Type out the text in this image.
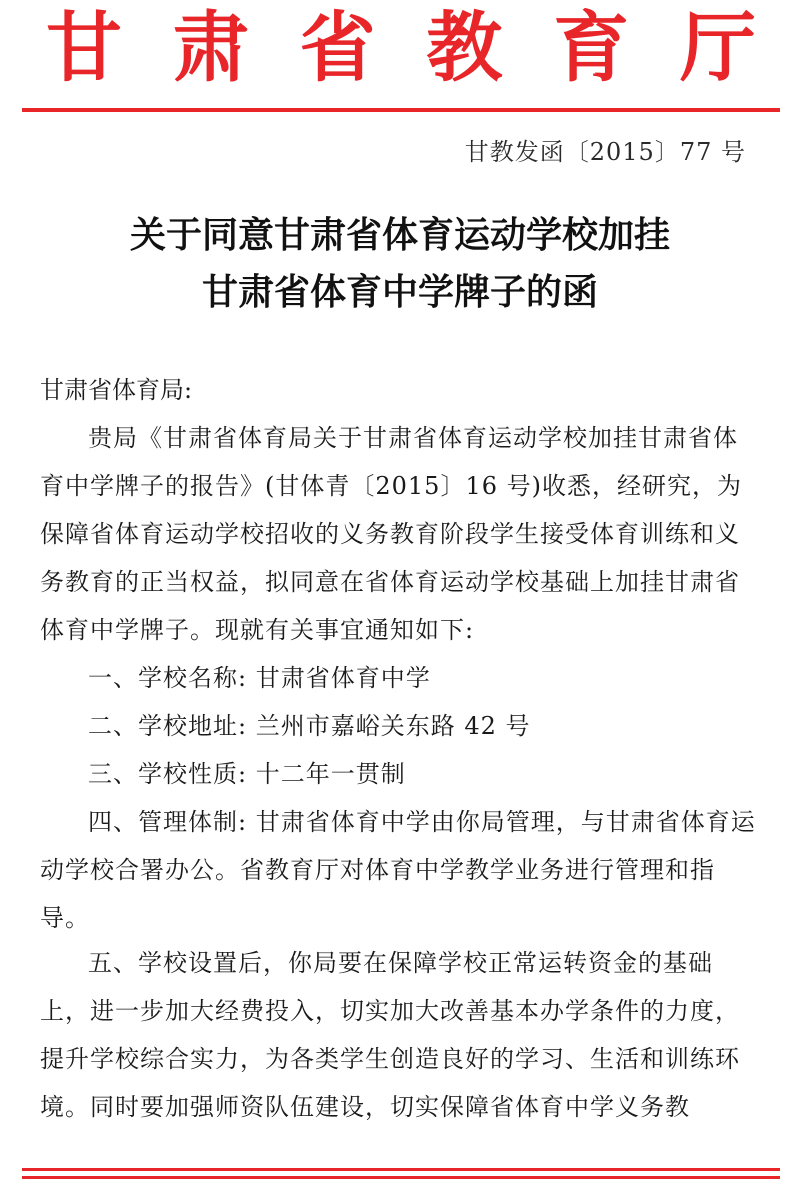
甘 肃 省 教 育 厅
甘教发函〔2015〕77 号
关于同意甘肃省体育运动学校加挂
甘肃省体育中学牌子的函
甘肃省体育局:
贵局《甘肃省体育局关于甘肃省体育运动学校加挂甘肃省体育中学牌子的报告》(甘体青〔2015〕16 号)收悉，经研究，为保障省体育运动学校招收的义务教育阶段学生接受体育训练和义务教育的正当权益，拟同意在省体育运动学校基础上加挂甘肃省体育中学牌子。现就有关事宜通知如下:
一、学校名称: 甘肃省体育中学
二、学校地址: 兰州市嘉峪关东路 42 号
三、学校性质: 十二年一贯制
四、管理体制: 甘肃省体育中学由你局管理，与甘肃省体育运动学校合署办公。省教育厅对体育中学教学业务进行管理和指导。
五、学校设置后，你局要在保障学校正常运转资金的基础上，进一步加大经费投入，切实加大改善基本办学条件的力度，提升学校综合实力，为各类学生创造良好的学习、生活和训练环境。同时要加强师资队伍建设，切实保障省体育中学义务教
